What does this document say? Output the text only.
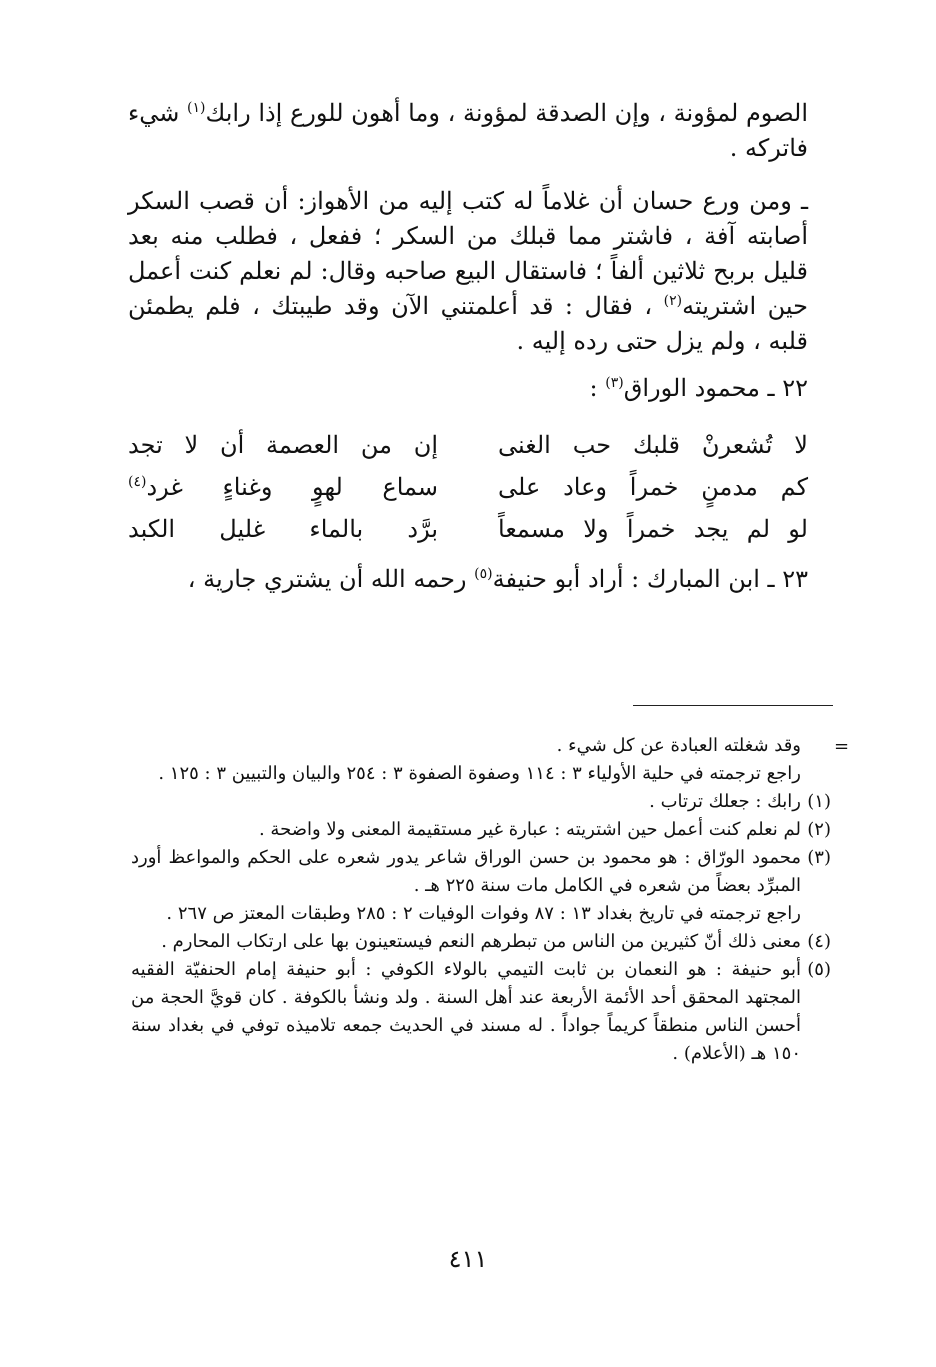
الصوم لمؤونة ، وإن الصدقة لمؤونة ، وما أهون للورع إذا رابك$^{(١)}$ شيء فاتركه .

ـ ومن ورع حسان أن غلاماً له كتب إليه من الأهواز: أن قصب السكر أصابته آفة ، فاشتر مما قبلك من السكر ؛ ففعل ، فطلب منه بعد قليل بربح ثلاثين ألفاً ؛ فاستقال البيع صاحبه وقال: لم نعلم كنت أعمل حين اشتريته$^{(٢)}$ ، فقال : قد أعلمتني الآن وقد طيبتك ، فلم يطمئن قلبه ، ولم يزل حتى رده إليه .

٢٢ ـ محمود الوراق$^{(٣)}$ :

لا تُشعرنْ قلبك حب الغنى
إن من العصمة أن لا تجد
كم مدمنٍ خمراً وعاد على
سماع لهوٍ وغناءٍ غرد$^{(٤)}$
لو لم يجد خمراً ولا مسمعاً
برَّد بالماء غليل الكبد

٢٣ ـ ابن المبارك : أراد أبو حنيفة$^{(٥)}$ رحمه الله أن يشتري جارية ،

=

وقد شغلته العبادة عن كل شيء .

راجع ترجمته في حلية الأولياء ٣ : ١١٤ وصفوة الصفوة ٣ : ٢٥٤ والبيان والتبيين ٣ : ١٢٥ .

(١)

رابك : جعلك ترتاب .

(٢)

لم نعلم كنت أعمل حين اشتريته : عبارة غير مستقيمة المعنى ولا واضحة .

(٣)

محمود الورّاق : هو محمود بن حسن الوراق شاعر يدور شعره على الحكم والمواعظ أورد المبرِّد بعضاً من شعره في الكامل مات سنة ٢٢٥ هـ .

راجع ترجمته في تاريخ بغداد ١٣ : ٨٧ وفوات الوفيات ٢ : ٢٨٥ وطبقات المعتز ص ٢٦٧ .

(٤)

معنى ذلك أنّ كثيرين من الناس من تبطرهم النعم فيستعينون بها على ارتكاب المحارم .

(٥)

أبو حنيفة : هو النعمان بن ثابت التيمي بالولاء الكوفي : أبو حنيفة إمام الحنفيّة الفقيه المجتهد المحقق أحد الأئمة الأربعة عند أهل السنة . ولد ونشأ بالكوفة . كان قويَّ الحجة من أحسن الناس منطقاً كريماً جواداً . له مسند في الحديث جمعه تلاميذه توفي في بغداد سنة ١٥٠ هـ (الأعلام) .

٤١١
